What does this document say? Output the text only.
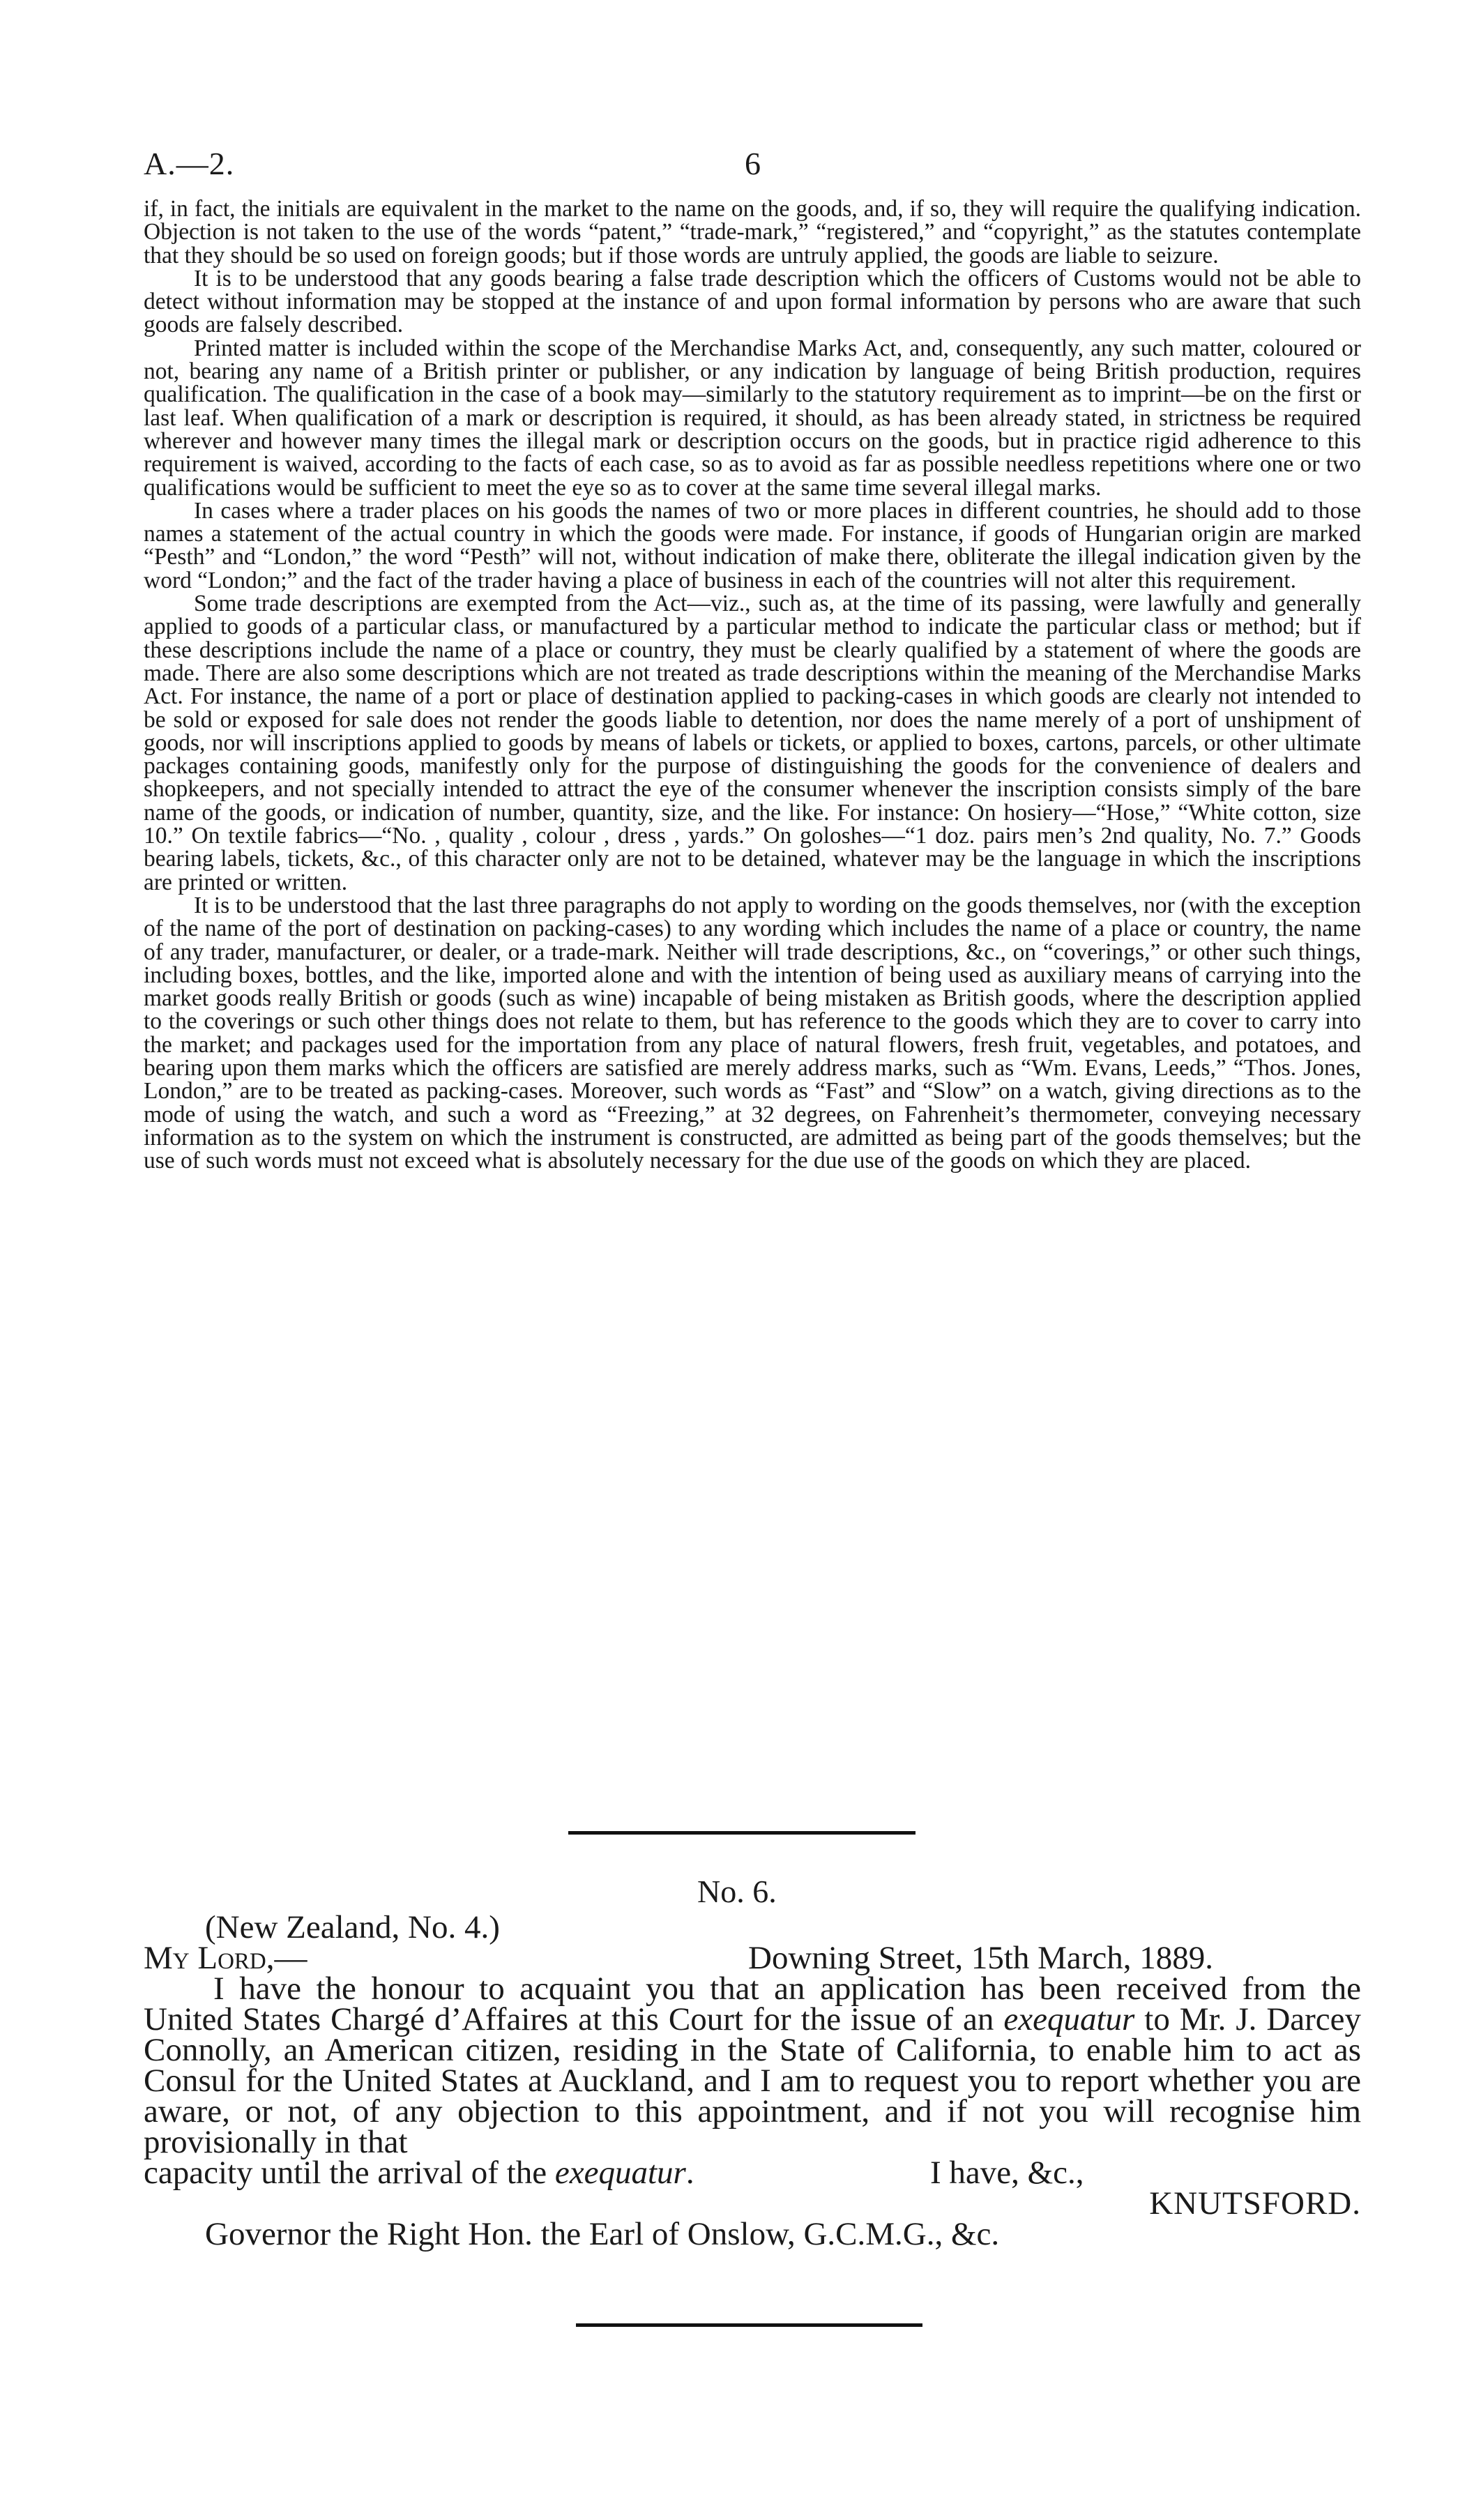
A.—2.	6

if, in fact, the initials are equivalent in the market to the name on the goods, and, if so, they will require the qualifying indication. Objection is not taken to the use of the words “patent,” “trade-mark,” “registered,” and “copyright,” as the statutes contemplate that they should be so used on foreign goods; but if those words are untruly applied, the goods are liable to seizure.

It is to be understood that any goods bearing a false trade description which the officers of Customs would not be able to detect without information may be stopped at the instance of and upon formal information by persons who are aware that such goods are falsely described.

Printed matter is included within the scope of the Merchandise Marks Act, and, consequently, any such matter, coloured or not, bearing any name of a British printer or publisher, or any indication by language of being British production, requires qualification. The qualification in the case of a book may—similarly to the statutory requirement as to imprint—be on the first or last leaf. When qualification of a mark or description is required, it should, as has been already stated, in strictness be required wherever and however many times the illegal mark or description occurs on the goods, but in practice rigid adherence to this requirement is waived, according to the facts of each case, so as to avoid as far as possible needless repetitions where one or two qualifications would be sufficient to meet the eye so as to cover at the same time several illegal marks.

In cases where a trader places on his goods the names of two or more places in different countries, he should add to those names a statement of the actual country in which the goods were made. For instance, if goods of Hungarian origin are marked “Pesth” and “London,” the word “Pesth” will not, without indication of make there, obliterate the illegal indication given by the word “London;” and the fact of the trader having a place of business in each of the countries will not alter this requirement.

Some trade descriptions are exempted from the Act—viz., such as, at the time of its passing, were lawfully and generally applied to goods of a particular class, or manufactured by a particular method to indicate the particular class or method; but if these descriptions include the name of a place or country, they must be clearly qualified by a statement of where the goods are made. There are also some descriptions which are not treated as trade descriptions within the meaning of the Merchandise Marks Act. For instance, the name of a port or place of destination applied to packing-cases in which goods are clearly not intended to be sold or exposed for sale does not render the goods liable to detention, nor does the name merely of a port of unshipment of goods, nor will inscriptions applied to goods by means of labels or tickets, or applied to boxes, cartons, parcels, or other ultimate packages containing goods, manifestly only for the purpose of distinguishing the goods for the convenience of dealers and shopkeepers, and not specially intended to attract the eye of the consumer whenever the inscription consists simply of the bare name of the goods, or indication of number, quantity, size, and the like. For instance: On hosiery—“Hose,” “White cotton, size 10.” On textile fabrics—“No. , quality , colour , dress , yards.” On goloshes—“1 doz. pairs men’s 2nd quality, No. 7.” Goods bearing labels, tickets, &c., of this character only are not to be detained, whatever may be the language in which the inscriptions are printed or written.

It is to be understood that the last three paragraphs do not apply to wording on the goods themselves, nor (with the exception of the name of the port of destination on packing-cases) to any wording which includes the name of a place or country, the name of any trader, manufacturer, or dealer, or a trade-mark. Neither will trade descriptions, &c., on “coverings,” or other such things, including boxes, bottles, and the like, imported alone and with the intention of being used as auxiliary means of carrying into the market goods really British or goods (such as wine) incapable of being mistaken as British goods, where the description applied to the coverings or such other things does not relate to them, but has reference to the goods which they are to cover to carry into the market; and packages used for the importation from any place of natural flowers, fresh fruit, vegetables, and potatoes, and bearing upon them marks which the officers are satisfied are merely address marks, such as “Wm. Evans, Leeds,” “Thos. Jones, London,” are to be treated as packing-cases. Moreover, such words as “Fast” and “Slow” on a watch, giving directions as to the mode of using the watch, and such a word as “Freezing,” at 32 degrees, on Fahrenheit’s thermometer, conveying necessary information as to the system on which the instrument is constructed, are admitted as being part of the goods themselves; but the use of such words must not exceed what is absolutely necessary for the due use of the goods on which they are placed.

No. 6.
(New Zealand, No. 4.)
My Lord,—	Downing Street, 15th March, 1889.
I have the honour to acquaint you that an application has been received from the United States Chargé d’Affaires at this Court for the issue of an exequatur to Mr. J. Darcey Connolly, an American citizen, residing in the State of California, to enable him to act as Consul for the United States at Auckland, and I am to request you to report whether you are aware, or not, of any objection to this appointment, and if not you will recognise him provisionally in that
capacity until the arrival of the exequatur.	I have, &c.,
KNUTSFORD.
Governor the Right Hon. the Earl of Onslow, G.C.M.G., &c.
